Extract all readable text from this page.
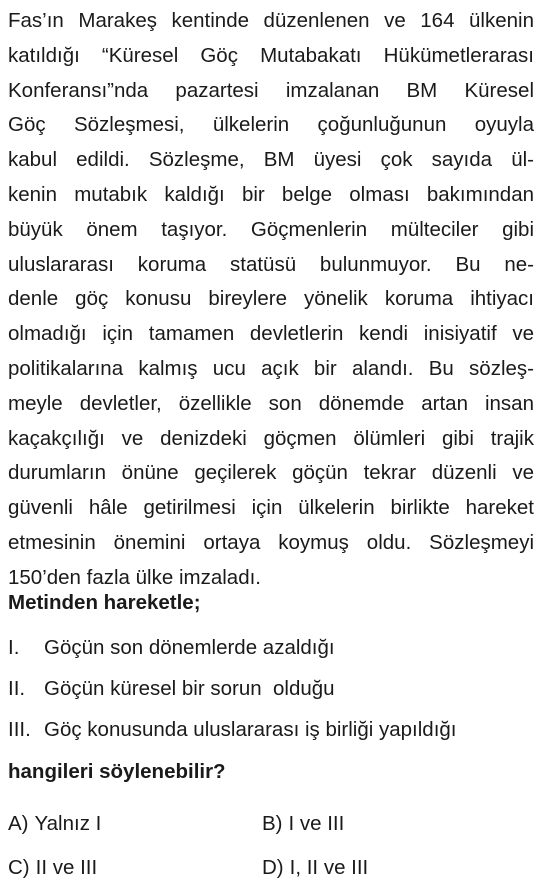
Fas’ın Marakeş kentinde düzenlenen ve 164 ülkenin
katıldığı “Küresel Göç Mutabakatı Hükümetlerarası
Konferansı”nda pazartesi imzalanan BM Küresel
Göç Sözleşmesi, ülkelerin çoğunluğunun oyuyla
kabul edildi. Sözleşme, BM üyesi çok sayıda ül-
kenin mutabık kaldığı bir belge olması bakımından
büyük önem taşıyor. Göçmenlerin mülteciler gibi
uluslararası koruma statüsü bulunmuyor. Bu ne-
denle göç konusu bireylere yönelik koruma ihtiyacı
olmadığı için tamamen devletlerin kendi inisiyatif ve
politikalarına kalmış ucu açık bir alandı. Bu sözleş-
meyle devletler, özellikle son dönemde artan insan
kaçakçılığı ve denizdeki göçmen ölümleri gibi trajik
durumların önüne geçilerek göçün tekrar düzenli ve
güvenli hâle getirilmesi için ülkelerin birlikte hareket
etmesinin önemini ortaya koymuş oldu. Sözleşmeyi
150’den fazla ülke imzaladı.

Metinden hareketle;

I. Göçün son dönemlerde azaldığı
II. Göçün küresel bir sorun  olduğu
III. Göç konusunda uluslararası iş birliği yapıldığı

hangileri söylenebilir?

A) Yalnız I	B) I ve III
C) II ve III	D) I, II ve III
